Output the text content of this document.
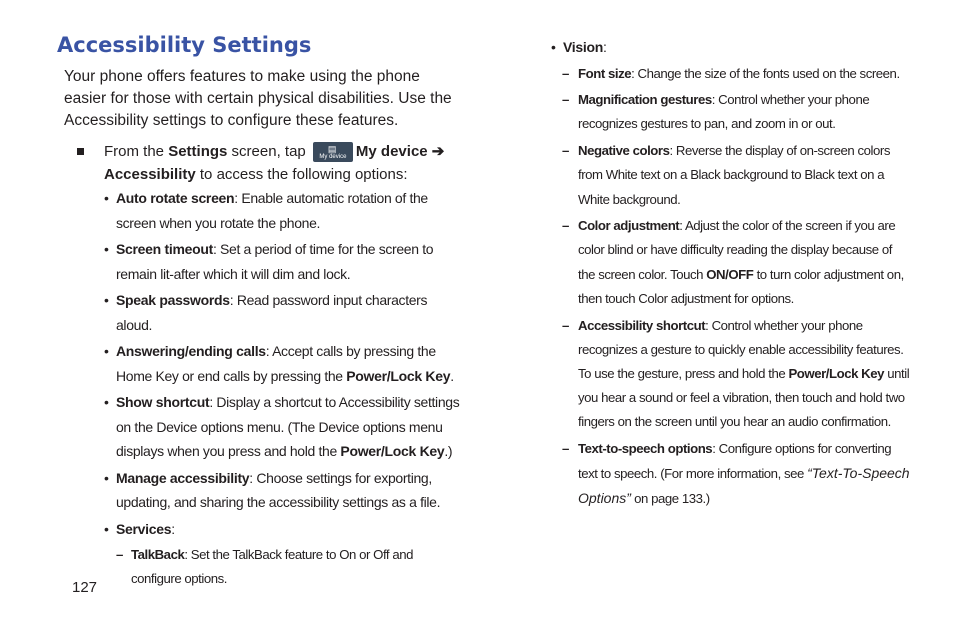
Accessibility Settings

Your phone offers features to make using the phone easier for those with certain physical disabilities. Use the Accessibility settings to configure these features.

From the Settings screen, tap ▤
My device My device ➔ Accessibility to access the following options:
• Auto rotate screen: Enable automatic rotation of the screen when you rotate the phone.
• Screen timeout: Set a period of time for the screen to remain lit-after which it will dim and lock.
• Speak passwords: Read password input characters aloud.
• Answering/ending calls: Accept calls by pressing the Home Key or end calls by pressing the Power/Lock Key.
• Show shortcut: Display a shortcut to Accessibility settings on the Device options menu. (The Device options menu displays when you press and hold the Power/Lock Key.)
• Manage accessibility: Choose settings for exporting, updating, and sharing the accessibility settings as a file.
• Services:
– TalkBack: Set the TalkBack feature to On or Off and configure options.
• Vision:
– Font size: Change the size of the fonts used on the screen.
– Magnification gestures: Control whether your phone recognizes gestures to pan, and zoom in or out.
– Negative colors: Reverse the display of on-screen colors from White text on a Black background to Black text on a White background.
– Color adjustment: Adjust the color of the screen if you are color blind or have difficulty reading the display because of the screen color. Touch ON/OFF to turn color adjustment on, then touch Color adjustment for options.
– Accessibility shortcut: Control whether your phone recognizes a gesture to quickly enable accessibility features. To use the gesture, press and hold the Power/Lock Key until you hear a sound or feel a vibration, then touch and hold two fingers on the screen until you hear an audio confirmation.
– Text-to-speech options: Configure options for converting text to speech. (For more information, see “Text-To-Speech Options” on page 133.)
127
